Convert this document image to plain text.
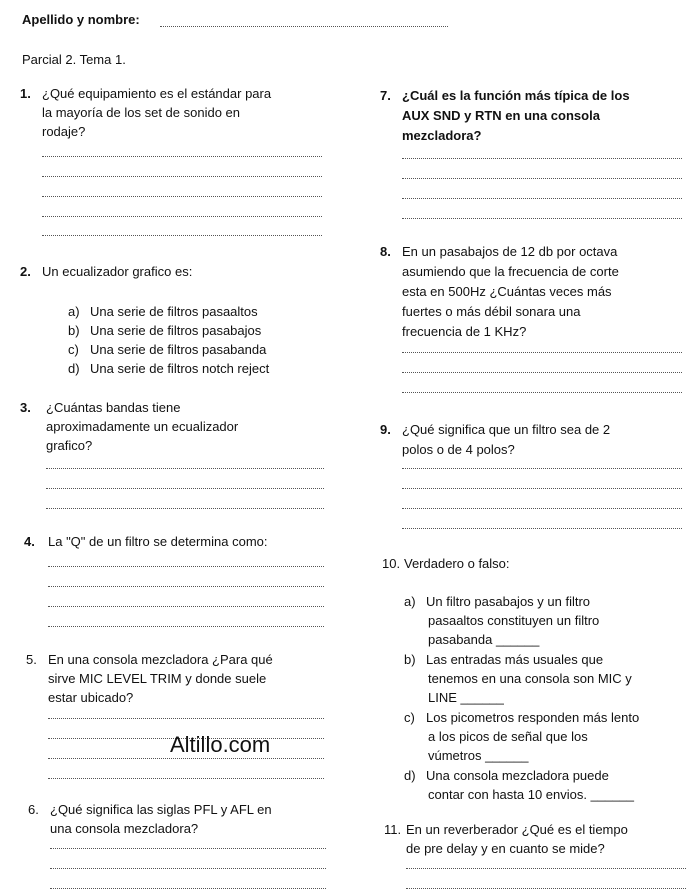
Apellido y nombre:
Parcial 2. Tema 1.
1. ¿Qué equipamiento es el estándar para
la mayoría de los set de sonido en
rodaje?
2. Un ecualizador grafico es:
a) Una serie de filtros pasaaltos
b) Una serie de filtros pasabajos
c) Una serie de filtros pasabanda
d) Una serie de filtros notch reject
3. ¿Cuántas bandas tiene
aproximadamente un ecualizador
grafico?
4. La "Q" de un filtro se determina como:
5. En una consola mezcladora ¿Para qué
sirve MIC LEVEL TRIM y donde suele
estar ubicado?
6. ¿Qué significa las siglas PFL y AFL en
una consola mezcladora?
7. ¿Cuál es la función más típica de los
AUX SND y RTN en una consola
mezcladora?
8. En un pasabajos de 12 db por octava
asumiendo que la frecuencia de corte
esta en 500Hz ¿Cuántas veces más
fuertes o más débil sonara una
frecuencia de 1 KHz?
9. ¿Qué significa que un filtro sea de 2
polos o de 4 polos?
10. Verdadero o falso:
a) Un filtro pasabajos y un filtro
pasaaltos constituyen un filtro
pasabanda ______
b) Las entradas más usuales que
tenemos en una consola son MIC y
LINE ______
c) Los picometros responden más lento
a los picos de señal que los
vúmetros ______
d) Una consola mezcladora puede
contar con hasta 10 envios. ______
11. En un reverberador ¿Qué es el tiempo
de pre delay y en cuanto se mide?
Altillo.com
